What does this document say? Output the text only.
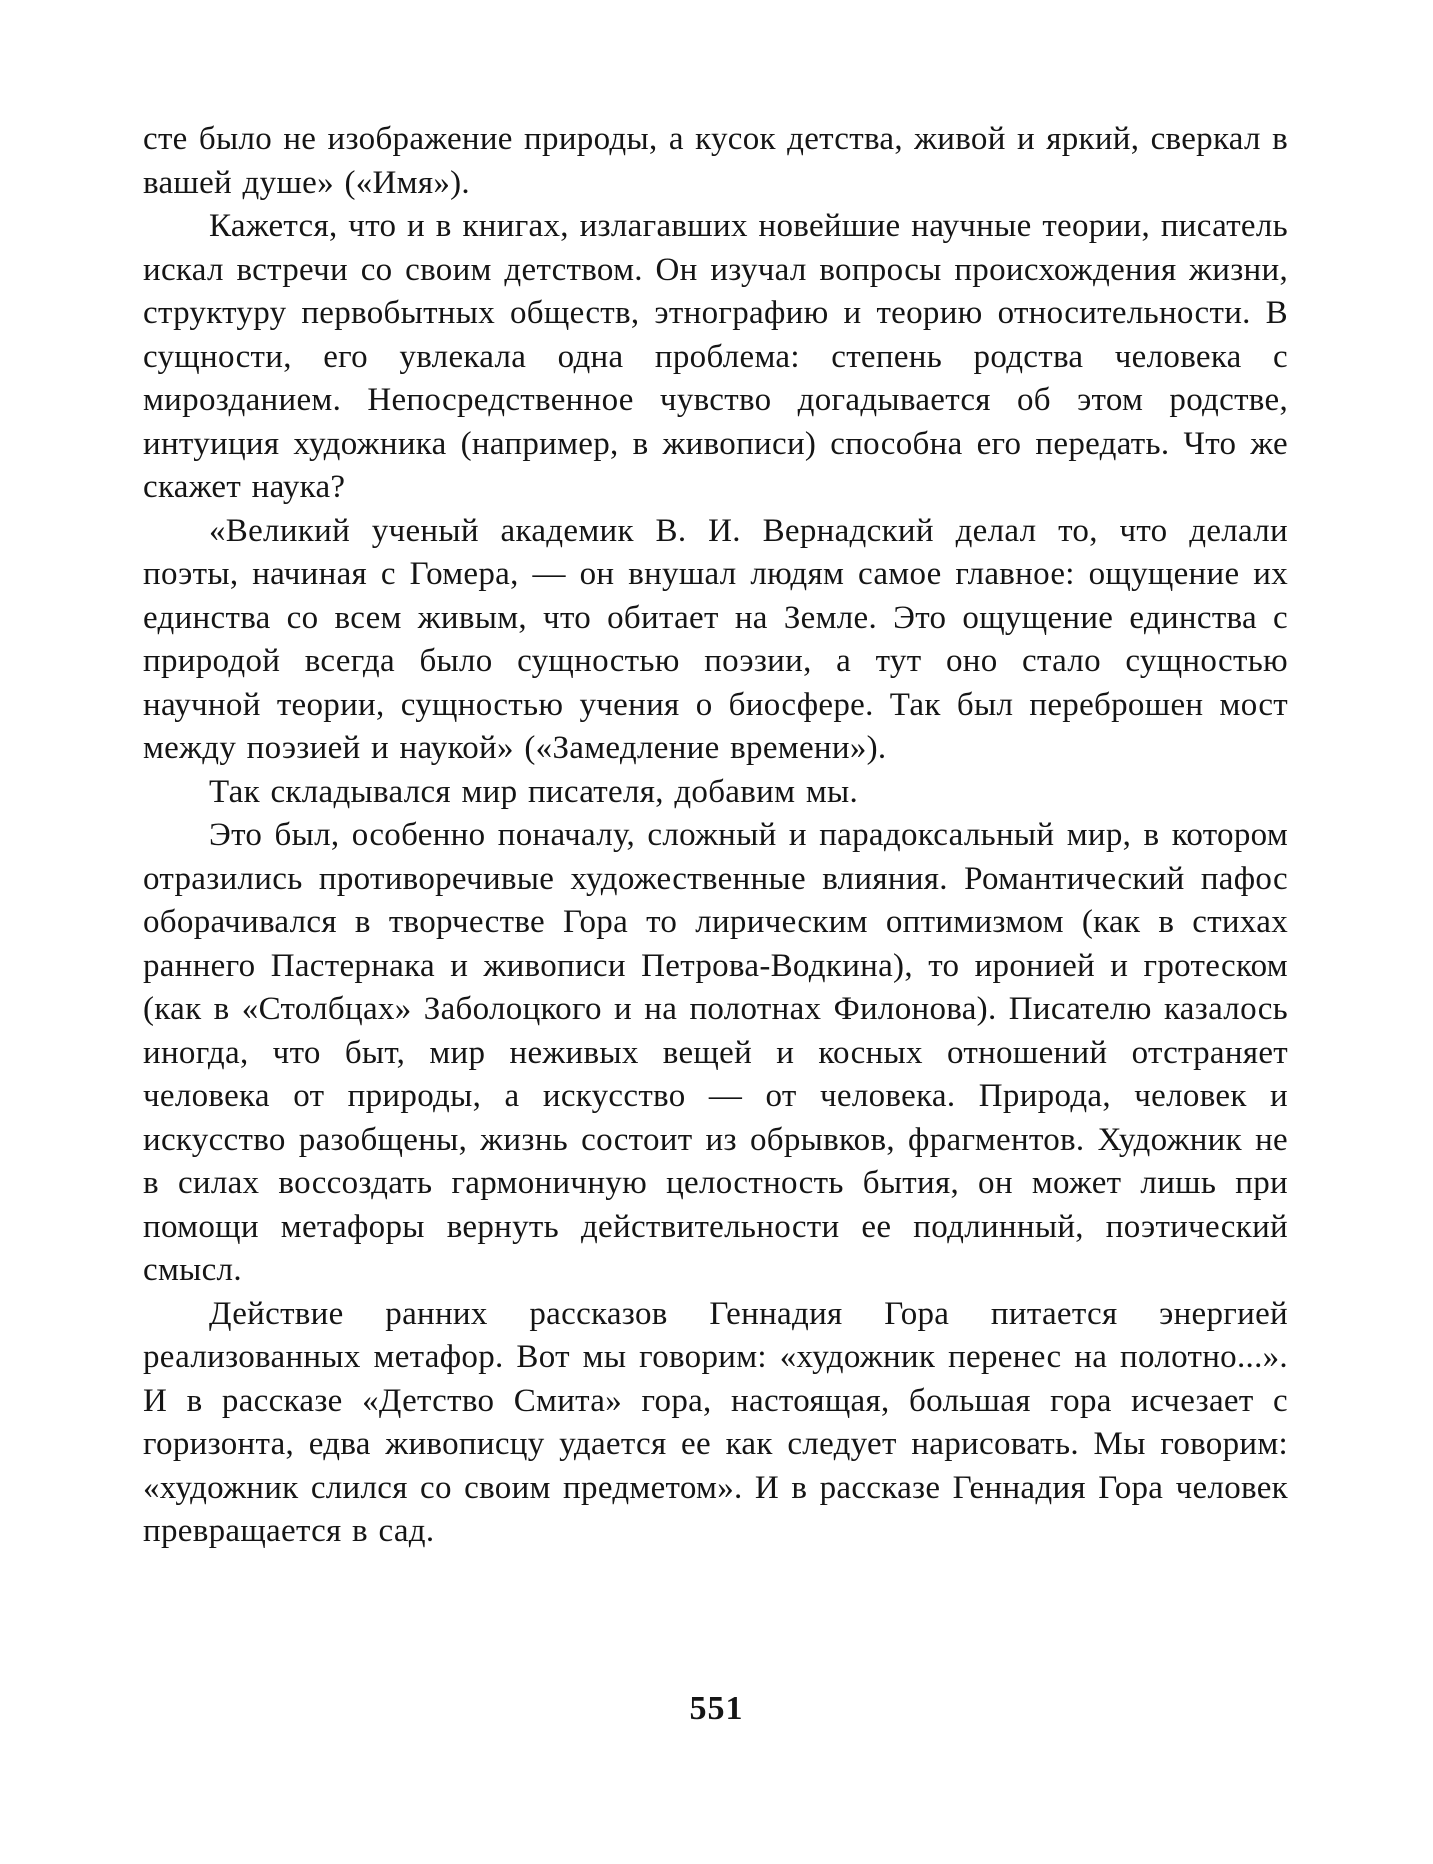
сте было не изображение природы, а кусок детства, живой и яркий, сверкал в вашей душе» («Имя»).

Кажется, что и в книгах, излагавших новейшие научные теории, писатель искал встречи со своим детством. Он изучал вопросы происхождения жизни, структуру первобытных обществ, этнографию и теорию относительности. В сущности, его увлекала одна проблема: степень родства человека с мирозданием. Непосредственное чувство догадывается об этом родстве, интуиция художника (например, в живописи) способна его передать. Что же скажет наука?

«Великий ученый академик В. И. Вернадский делал то, что делали поэты, начиная с Гомера, — он внушал людям самое главное: ощущение их единства со всем живым, что обитает на Земле. Это ощущение единства с природой всегда было сущностью поэзии, а тут оно стало сущностью научной теории, сущностью учения о биосфере. Так был переброшен мост между поэзией и наукой» («Замедление времени»).

Так складывался мир писателя, добавим мы.

Это был, особенно поначалу, сложный и парадоксальный мир, в котором отразились противоречивые художественные влияния. Романтический пафос оборачивался в творчестве Гора то лирическим оптимизмом (как в стихах раннего Пастернака и живописи Петрова-Водкина), то иронией и гротеском (как в «Столбцах» Заболоцкого и на полотнах Филонова). Писателю казалось иногда, что быт, мир неживых вещей и косных отношений отстраняет человека от природы, а искусство — от человека. Природа, человек и искусство разобщены, жизнь состоит из обрывков, фрагментов. Художник не в силах воссоздать гармоничную целостность бытия, он может лишь при помощи метафоры вернуть действительности ее подлинный, поэтический смысл.

Действие ранних рассказов Геннадия Гора питается энергией реализованных метафор. Вот мы говорим: «художник перенес на полотно...». И в рассказе «Детство Смита» гора, настоящая, большая гора исчезает с горизонта, едва живописцу удается ее как следует нарисовать. Мы говорим: «художник слился со своим предметом». И в рассказе Геннадия Гора человек превращается в сад.

551
